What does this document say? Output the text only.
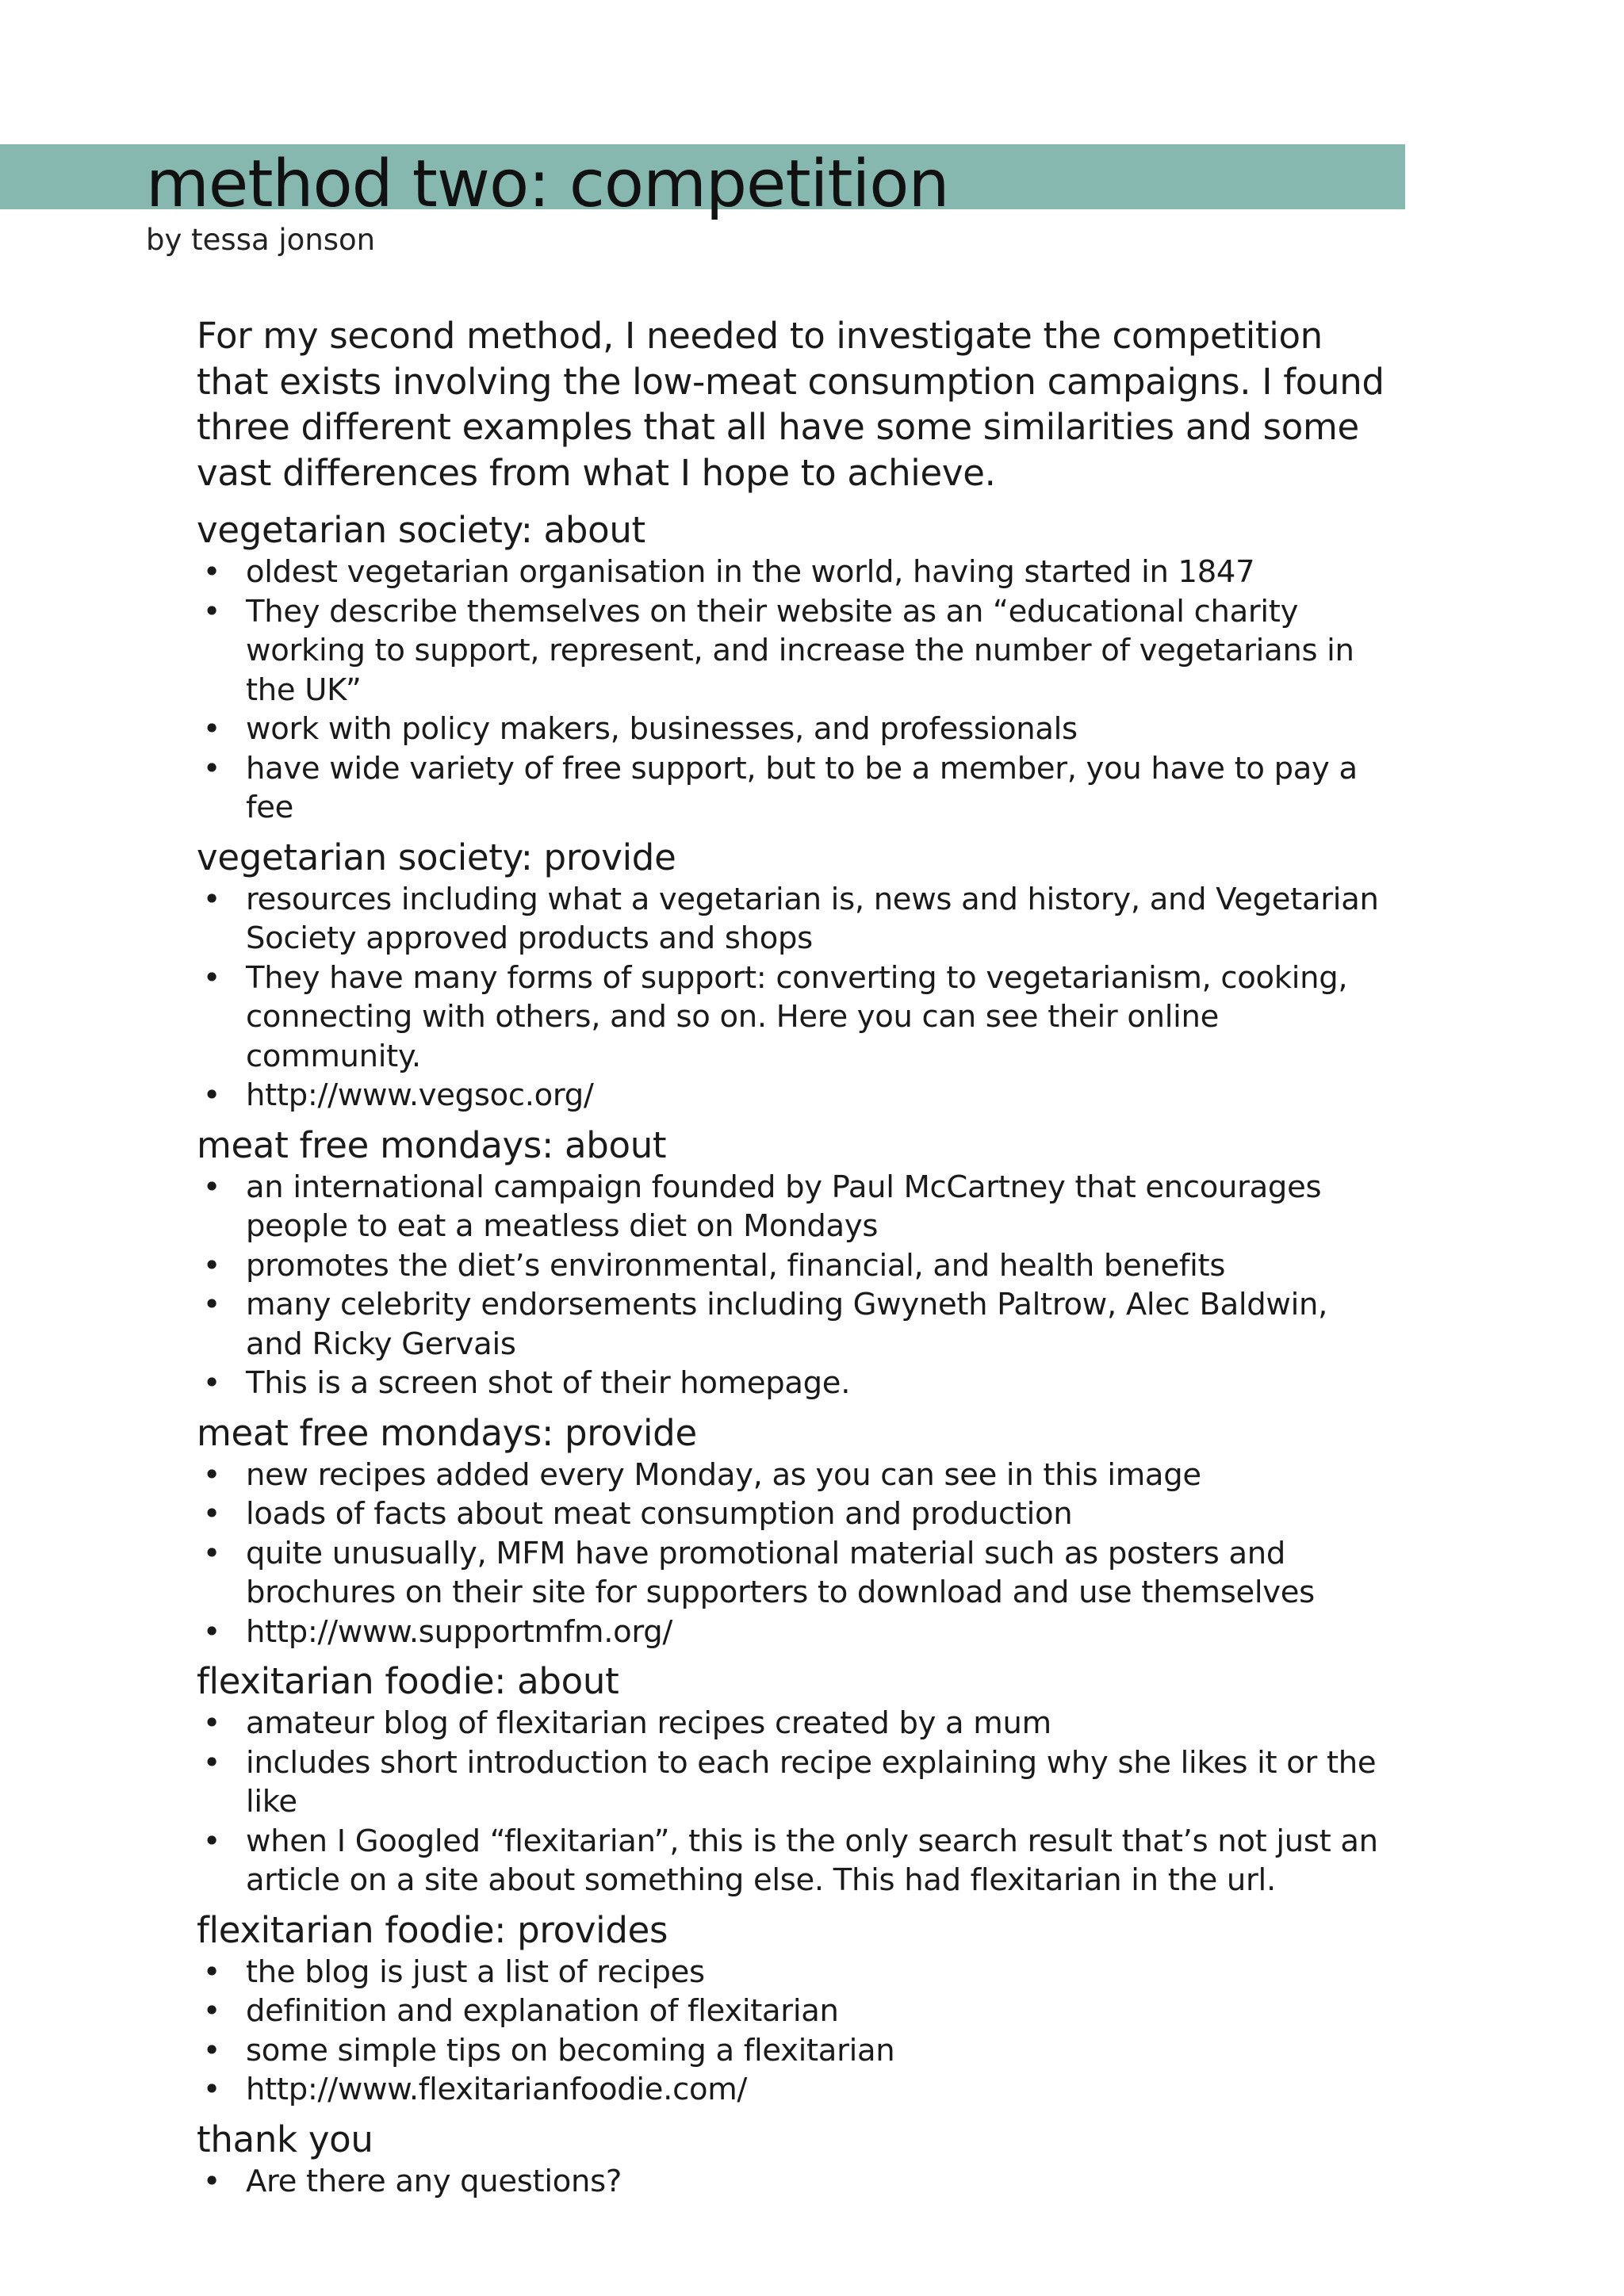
method two: competition
by tessa jonson

For my second method, I needed to investigate the competition that exists involving the low-meat consumption campaigns. I found three different examples that all have some similarities and some vast differences from what I hope to achieve.

vegetarian society: about
• oldest vegetarian organisation in the world, having started in 1847
• They describe themselves on their website as an “educational charity working to support, represent, and increase the number of vegetarians in the UK”
• work with policy makers, businesses, and professionals
• have wide variety of free support, but to be a member, you have to pay a fee
vegetarian society: provide
• resources including what a vegetarian is, news and history, and Vegetarian Society approved products and shops
• They have many forms of support: converting to vegetarianism, cooking, connecting with others, and so on. Here you can see their online community.
• http://www.vegsoc.org/
meat free mondays: about
• an international campaign founded by Paul McCartney that encourages people to eat a meatless diet on Mondays
• promotes the diet’s environmental, financial, and health benefits
• many celebrity endorsements including Gwyneth Paltrow, Alec Baldwin, and Ricky Gervais
• This is a screen shot of their homepage.
meat free mondays: provide
• new recipes added every Monday, as you can see in this image
• loads of facts about meat consumption and production
• quite unusually, MFM have promotional material such as posters and brochures on their site for supporters to download and use themselves
• http://www.supportmfm.org/
flexitarian foodie: about
• amateur blog of flexitarian recipes created by a mum
• includes short introduction to each recipe explaining why she likes it or the like
• when I Googled “flexitarian”, this is the only search result that’s not just an article on a site about something else. This had flexitarian in the url.
flexitarian foodie: provides
• the blog is just a list of recipes
• definition and explanation of flexitarian
• some simple tips on becoming a flexitarian
• http://www.flexitarianfoodie.com/
thank you
• Are there any questions?
